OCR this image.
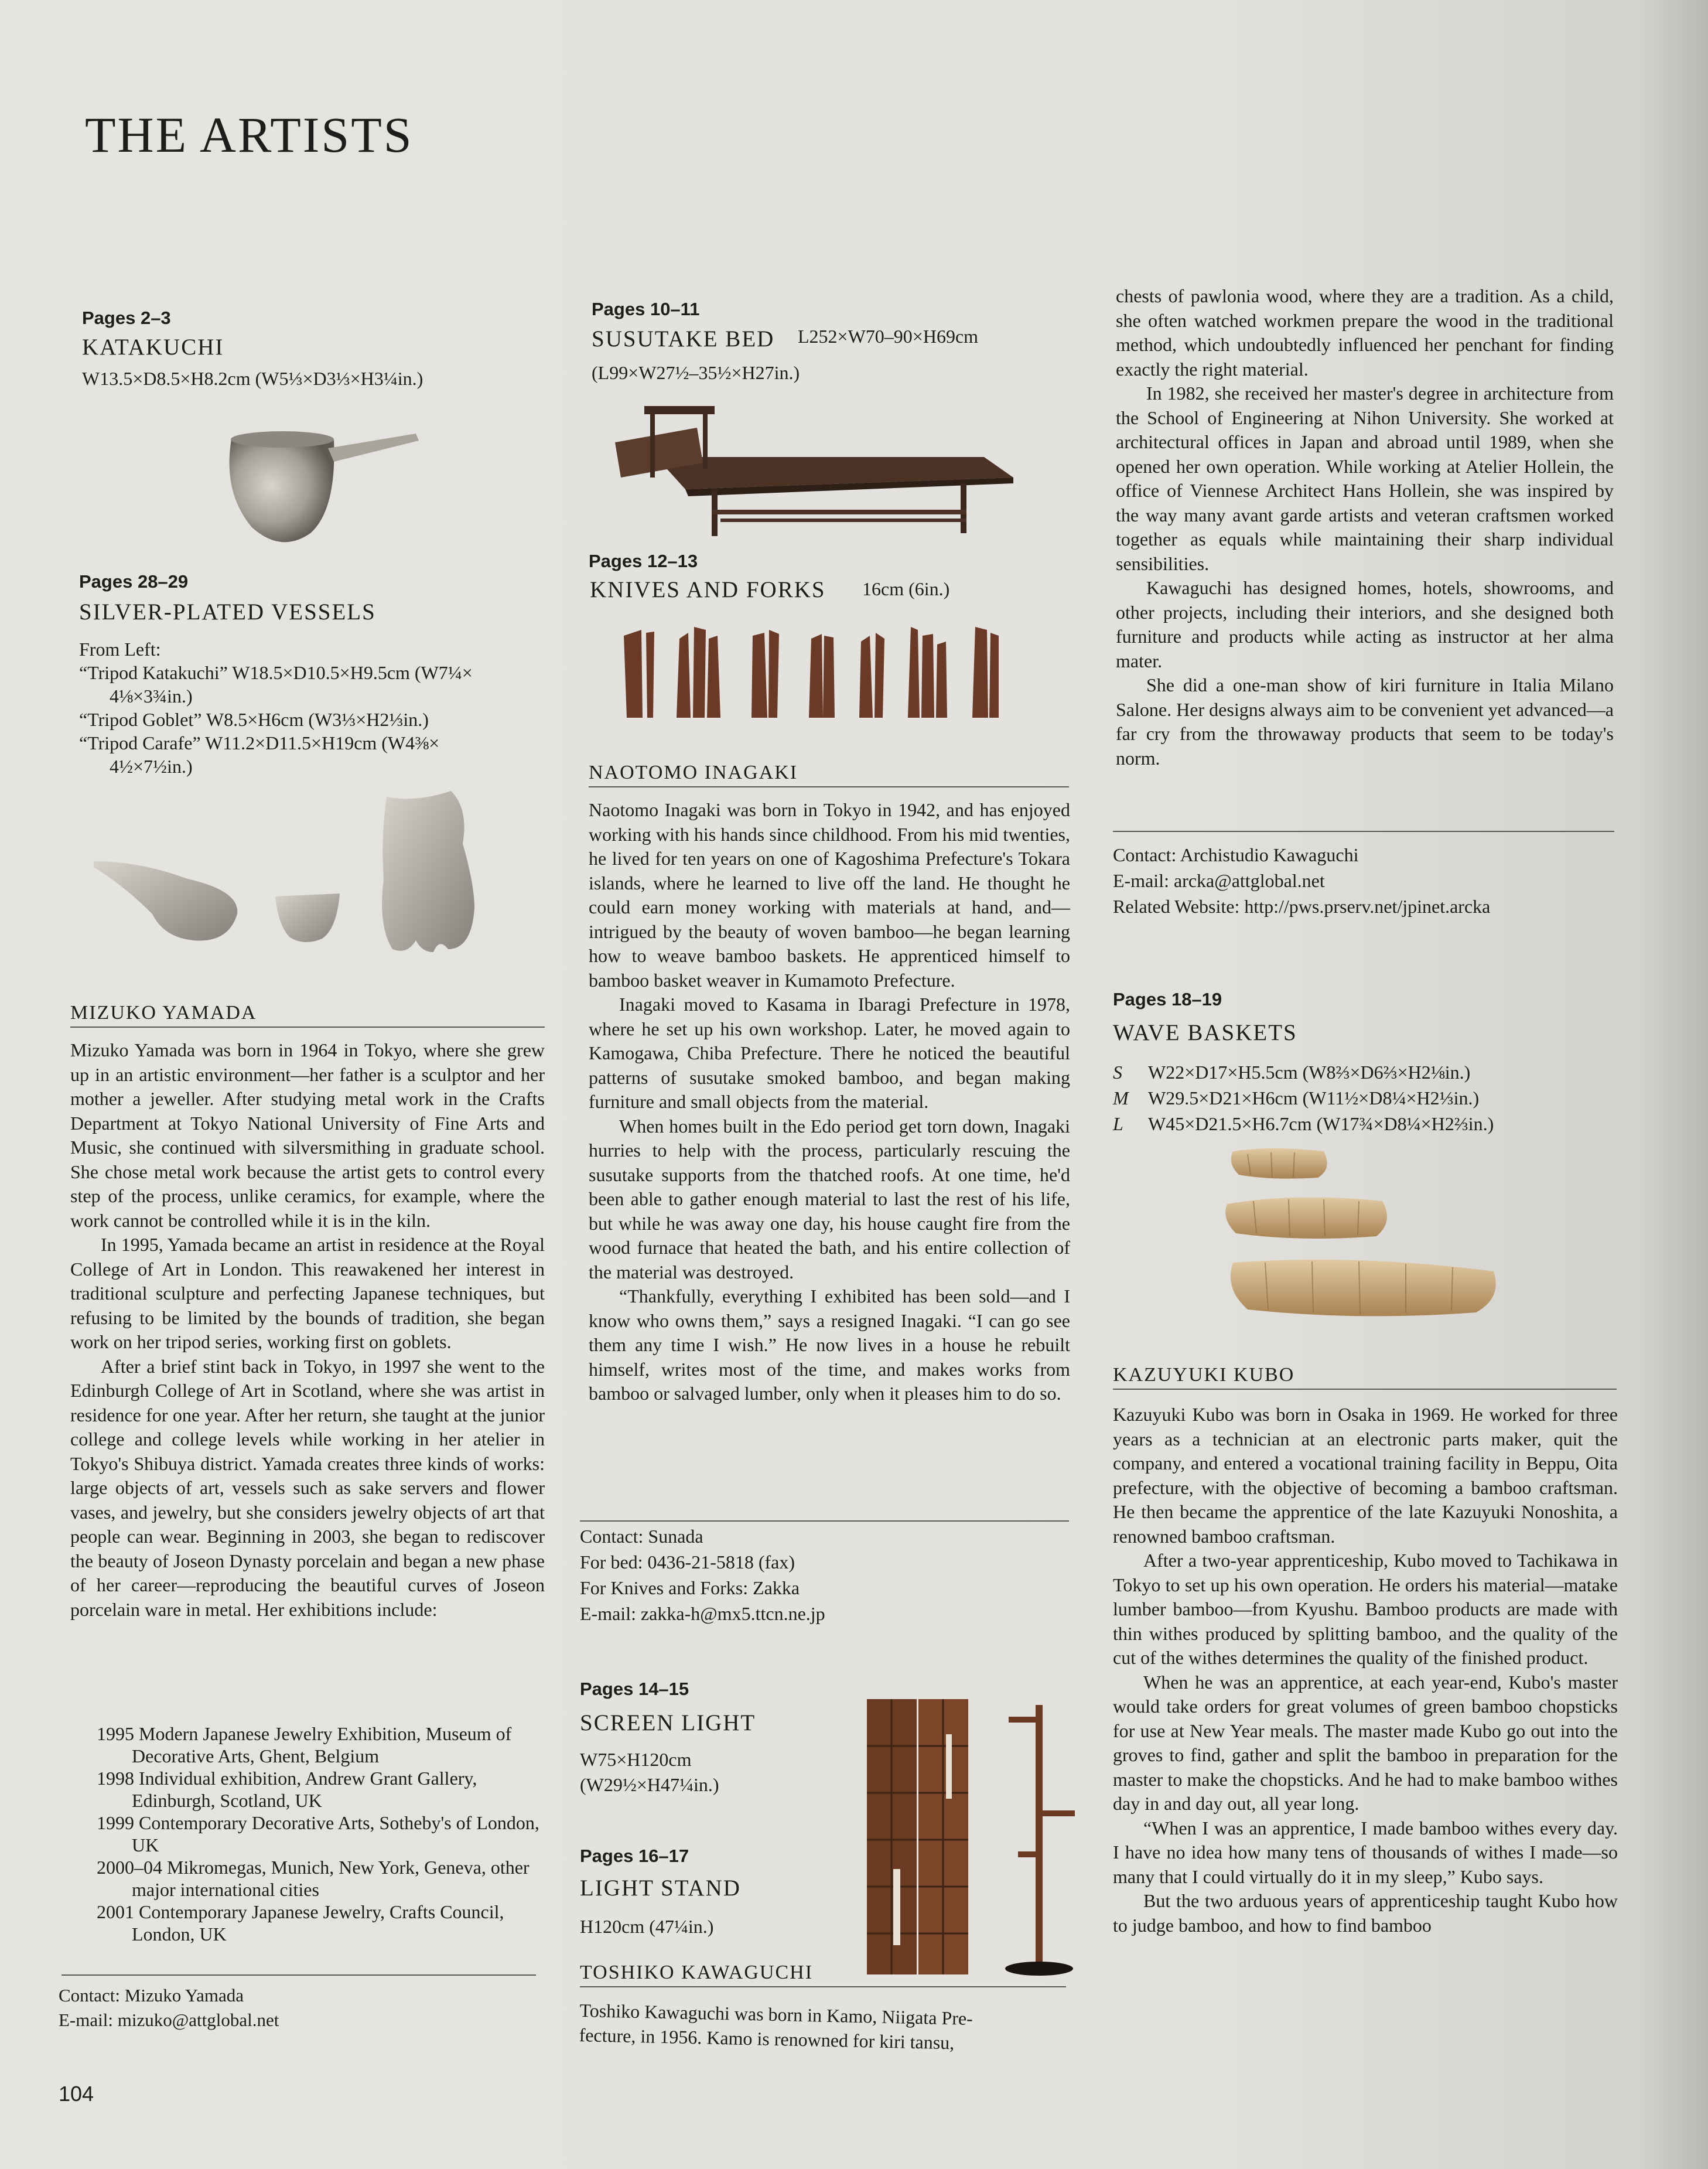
THE ARTISTS
Pages 2–3
KATAKUCHI
W13.5×D8.5×H8.2cm (W5⅓×D3⅓×H3¼in.)
Pages 28–29
SILVER-PLATED VESSELS
From Left:
“Tripod Katakuchi” W18.5×D10.5×H9.5cm (W7¼×
4⅛×3¾in.)
“Tripod Goblet” W8.5×H6cm (W3⅓×H2⅓in.)
“Tripod Carafe” W11.2×D11.5×H19cm (W4⅜×
4½×7½in.)
MIZUKO YAMADA

Mizuko Yamada was born in 1964 in Tokyo, where she grew up in an artistic environment—her father is a sculptor and her mother a jeweller. After studying metal work in the Crafts Department at Tokyo National University of Fine Arts and Music, she continued with silversmithing in graduate school. She chose metal work because the artist gets to control every step of the process, unlike ceramics, for example, where the work cannot be controlled while it is in the kiln.

In 1995, Yamada became an artist in residence at the Royal College of Art in London. This reawakened her interest in traditional sculpture and perfecting Japanese techniques, but refusing to be limited by the bounds of tradition, she began work on her tripod series, working first on goblets.

After a brief stint back in Tokyo, in 1997 she went to the Edinburgh College of Art in Scotland, where she was artist in residence for one year. After her return, she taught at the junior college and college levels while working in her atelier in Tokyo's Shibuya district. Yamada creates three kinds of works: large objects of art, vessels such as sake servers and flower vases, and jewelry, but she considers jewelry objects of art that people can wear. Beginning in 2003, she began to rediscover the beauty of Joseon Dynasty porcelain and began a new phase of her career—reproducing the beautiful curves of Joseon porcelain ware in metal. Her exhibitions include:

1995 Modern Japanese Jewelry Exhibition, Museum of Decorative Arts, Ghent, Belgium
1998 Individual exhibition, Andrew Grant Gallery, Edinburgh, Scotland, UK
1999 Contemporary Decorative Arts, Sotheby's of London, UK
2000–04 Mikromegas, Munich, New York, Geneva, other major international cities
2001 Contemporary Japanese Jewelry, Crafts Council, London, UK
Contact: Mizuko Yamada
E-mail: mizuko@attglobal.net
104
Pages 10–11
SUSUTAKE BED L252×W70–90×H69cm
(L99×W27½–35½×H27in.)
Pages 12–13
KNIVES AND FORKS 16cm (6in.)
NAOTOMO INAGAKI

Naotomo Inagaki was born in Tokyo in 1942, and has enjoyed working with his hands since childhood. From his mid twenties, he lived for ten years on one of Kagoshima Prefecture's Tokara islands, where he learned to live off the land. He thought he could earn money working with materials at hand, and—intrigued by the beauty of woven bamboo—he began learning how to weave bamboo baskets. He apprenticed himself to bamboo basket weaver in Kumamoto Prefecture.

Inagaki moved to Kasama in Ibaragi Prefecture in 1978, where he set up his own workshop. Later, he moved again to Kamogawa, Chiba Prefecture. There he noticed the beautiful patterns of susutake smoked bamboo, and began making furniture and small objects from the material.

When homes built in the Edo period get torn down, Inagaki hurries to help with the process, particularly rescuing the susutake supports from the thatched roofs. At one time, he'd been able to gather enough material to last the rest of his life, but while he was away one day, his house caught fire from the wood furnace that heated the bath, and his entire collection of the material was destroyed.

“Thankfully, everything I exhibited has been sold—and I know who owns them,” says a resigned Inagaki. “I can go see them any time I wish.” He now lives in a house he rebuilt himself, writes most of the time, and makes works from bamboo or salvaged lumber, only when it pleases him to do so.

Contact: Sunada
For bed: 0436-21-5818 (fax)
For Knives and Forks: Zakka
E-mail: zakka-h@mx5.ttcn.ne.jp
Pages 14–15
SCREEN LIGHT
W75×H120cm
(W29½×H47¼in.)
Pages 16–17
LIGHT STAND
H120cm (47¼in.)
TOSHIKO KAWAGUCHI
Toshiko Kawaguchi was born in Kamo, Niigata Pre-
fecture, in 1956. Kamo is renowned for kiri tansu,

chests of pawlonia wood, where they are a tradition. As a child, she often watched workmen prepare the wood in the traditional method, which undoubtedly influenced her penchant for finding exactly the right material.

In 1982, she received her master's degree in architecture from the School of Engineering at Nihon University. She worked at architectural offices in Japan and abroad until 1989, when she opened her own operation. While working at Atelier Hollein, the office of Viennese Architect Hans Hollein, she was inspired by the way many avant garde artists and veteran craftsmen worked together as equals while maintaining their sharp individual sensibilities.

Kawaguchi has designed homes, hotels, showrooms, and other projects, including their interiors, and she designed both furniture and products while acting as instructor at her alma mater.

She did a one-man show of kiri furniture in Italia Milano Salone. Her designs always aim to be convenient yet advanced—a far cry from the throwaway products that seem to be today's norm.

Contact: Archistudio Kawaguchi
E-mail: arcka@attglobal.net
Related Website: http://pws.prserv.net/jpinet.arcka
Pages 18–19
WAVE BASKETS
S W22×D17×H5.5cm (W8⅔×D6⅔×H2⅛in.)
M W29.5×D21×H6cm (W11½×D8¼×H2⅓in.)
L W45×D21.5×H6.7cm (W17¾×D8¼×H2⅔in.)
KAZUYUKI KUBO

Kazuyuki Kubo was born in Osaka in 1969. He worked for three years as a technician at an electronic parts maker, quit the company, and entered a vocational training facility in Beppu, Oita prefecture, with the objective of becoming a bamboo craftsman. He then became the apprentice of the late Kazuyuki Nonoshita, a renowned bamboo craftsman.

After a two-year apprenticeship, Kubo moved to Tachikawa in Tokyo to set up his own operation. He orders his material—matake lumber bamboo—from Kyushu. Bamboo products are made with thin withes produced by splitting bamboo, and the quality of the cut of the withes determines the quality of the finished product.

When he was an apprentice, at each year-end, Kubo's master would take orders for great volumes of green bamboo chopsticks for use at New Year meals. The master made Kubo go out into the groves to find, gather and split the bamboo in preparation for the master to make the chopsticks. And he had to make bamboo withes day in and day out, all year long.

“When I was an apprentice, I made bamboo withes every day. I have no idea how many tens of thousands of withes I made—so many that I could virtually do it in my sleep,” Kubo says.

But the two arduous years of apprenticeship taught Kubo how to judge bamboo, and how to find bamboo
